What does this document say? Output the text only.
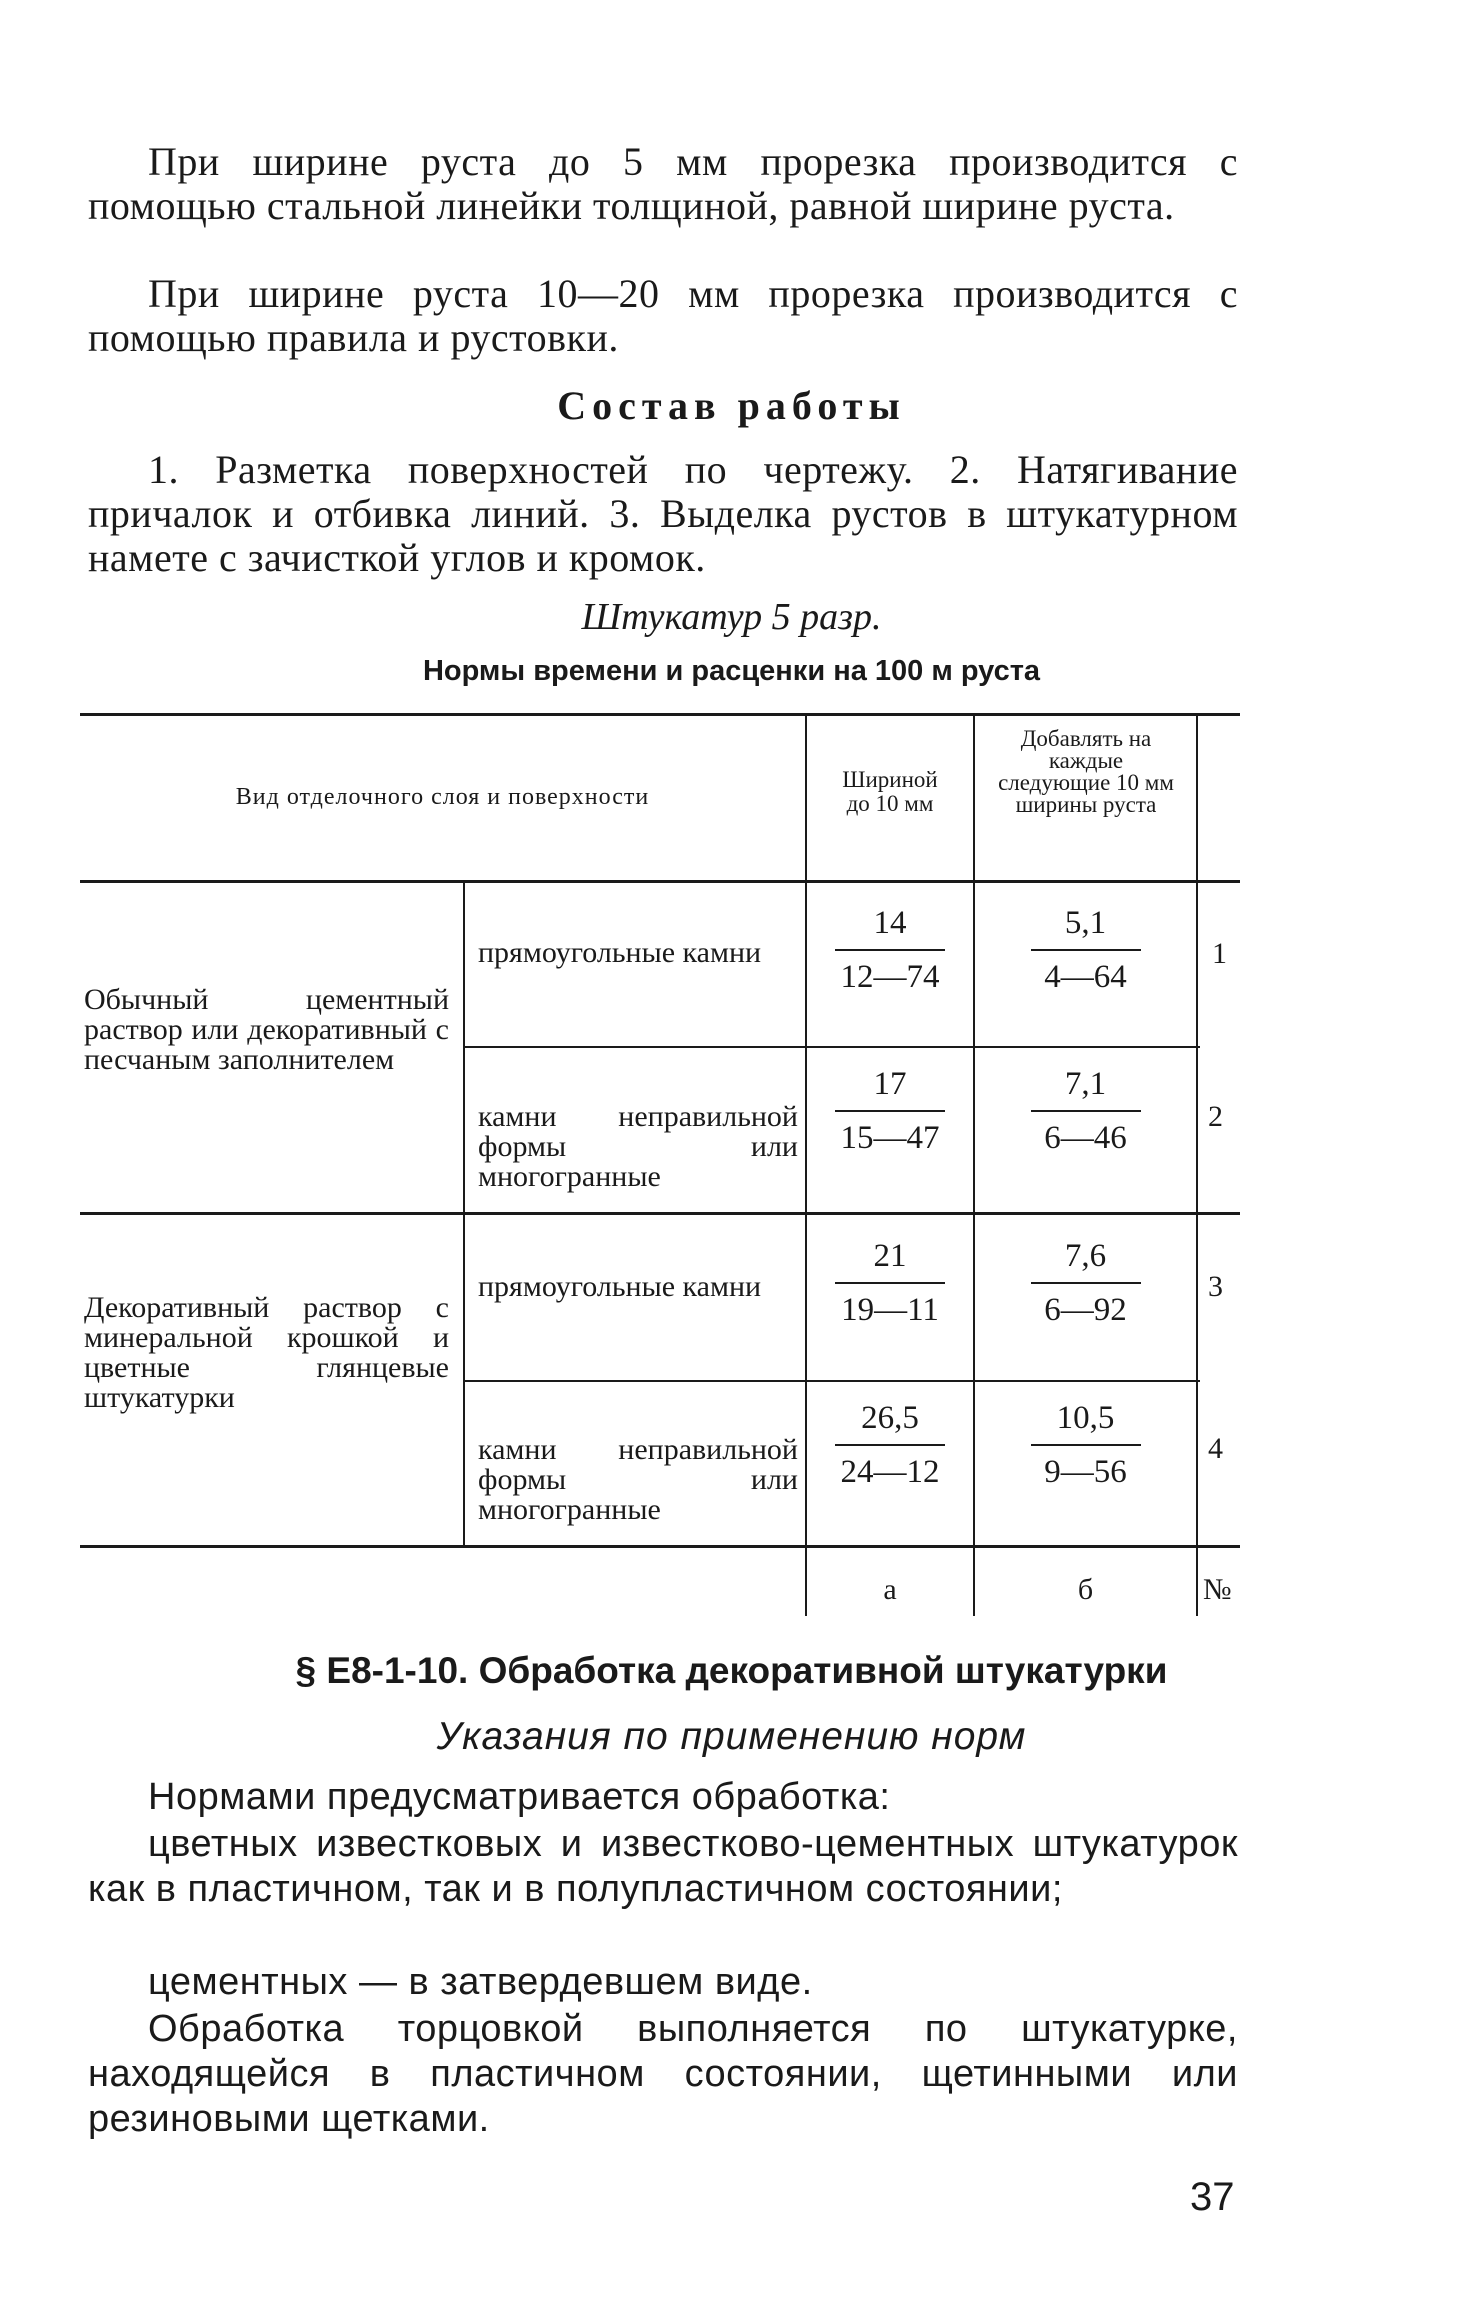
При ширине руста до 5 мм прорезка производится с помощью стальной линейки толщиной, равной ширине руста.

При ширине руста 10—20 мм прорезка производится с помощью правила и рустовки.

Состав работы

1. Разметка поверхностей по чертежу. 2. Натягивание причалок и отбивка линий. 3. Выделка рустов в штукатурном намете с зачисткой углов и кромок.

Штукатур 5 разр.
Нормы времени и расценки на 100 м руста
Вид отделочного слоя и поверхности
Шириной до 10 мм
Добавлять на каждые следующие 10 мм ширины руста
Обычный цементный раствор или декоративный с песчаным заполнителем
Декоративный раствор с минеральной крошкой и цветные глянцевые штукатурки
прямоугольные камни
камни неправильной формы или многогранные
прямоугольные камни
камни неправильной формы или многогранные
14
12—74
5,1
4—64
1
17
15—47
7,1
6—46
2
21
19—11
7,6
6—92
3
26,5
24—12
10,5
9—56
4
а	б	№
§ Е8-1-10. Обработка декоративной штукатурки
Указания по применению норм

Нормами предусматривается обработка:

цветных известковых и известково-цементных штукатурок как в пластичном, так и в полупластичном состоянии;

цементных — в затвердевшем виде.

Обработка торцовкой выполняется по штукатурке, находящейся в пластичном состоянии, щетинными или резиновыми щетками.

37
